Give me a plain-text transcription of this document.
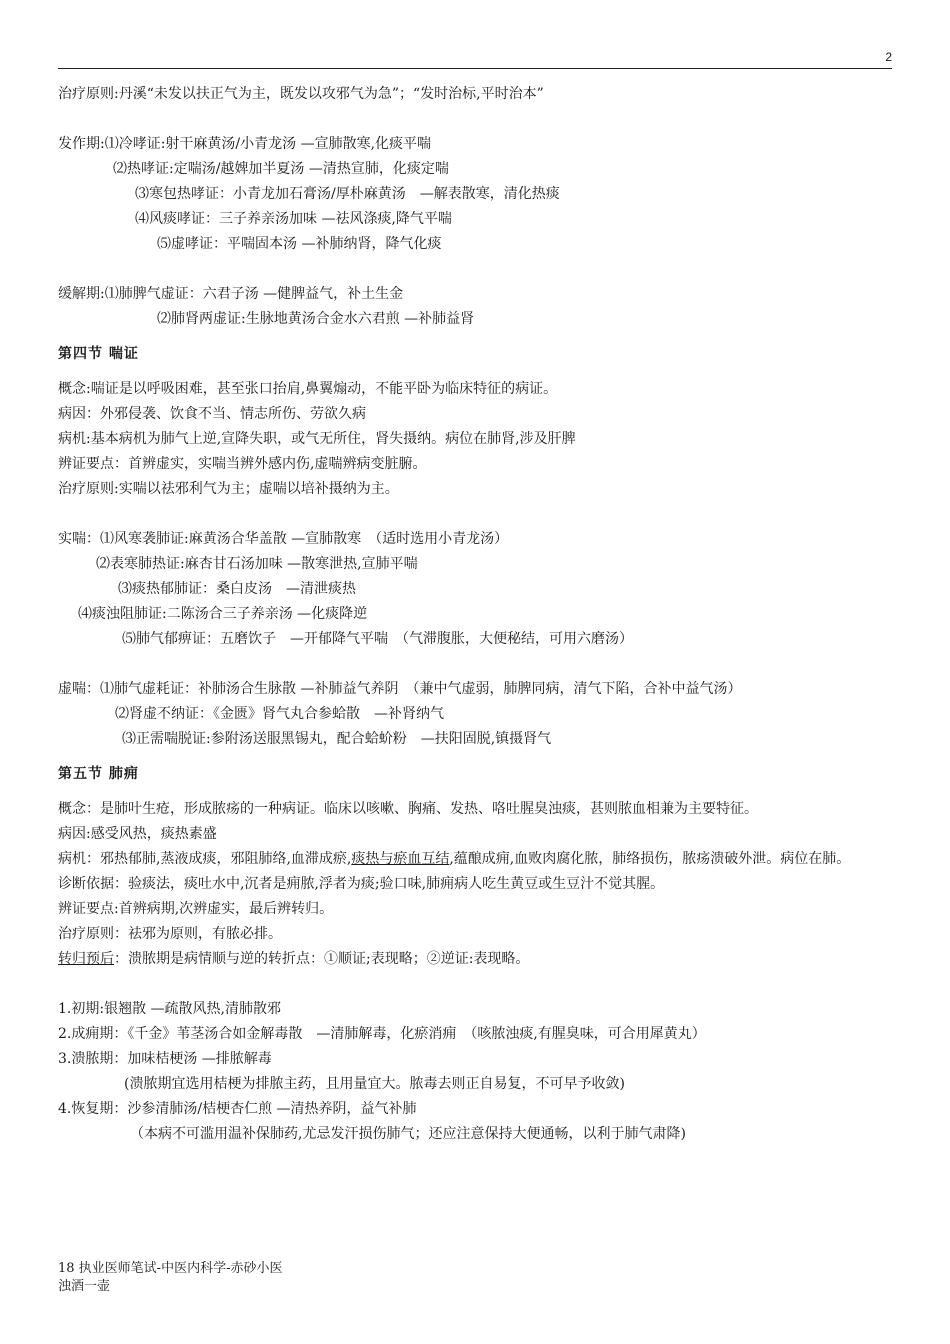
2
治疗原则:丹溪“未发以扶正气为主，既发以攻邪气为急”；“发时治标,平时治本”
发作期:⑴冷哮证:射干麻黄汤/小青龙汤 —宣肺散寒,化痰平喘
⑵热哮证:定喘汤/越婢加半夏汤 —清热宣肺，化痰定喘
⑶寒包热哮证：小青龙加石膏汤/厚朴麻黄汤　—解表散寒，清化热痰
⑷风痰哮证：三子养亲汤加味 —祛风涤痰,降气平喘
⑸虚哮证：平喘固本汤 —补肺纳肾，降气化痰
缓解期:⑴肺脾气虚证：六君子汤 —健脾益气，补土生金
⑵肺肾两虚证:生脉地黄汤合金水六君煎 —补肺益肾
第四节 喘证
概念:喘证是以呼吸困难，甚至张口抬肩,鼻翼煽动，不能平卧为临床特征的病证。
病因：外邪侵袭、饮食不当、情志所伤、劳欲久病
病机:基本病机为肺气上逆,宣降失职，或气无所住，肾失摄纳。病位在肺肾,涉及肝脾
辨证要点：首辨虚实，实喘当辨外感内伤,虚喘辨病变脏腑。
治疗原则:实喘以祛邪利气为主；虚喘以培补摄纳为主。
实喘：⑴风寒袭肺证:麻黄汤合华盖散 —宣肺散寒　（适时选用小青龙汤）
⑵表寒肺热证:麻杏甘石汤加味 —散寒泄热,宣肺平喘
⑶痰热郁肺证：桑白皮汤　—清泄痰热
⑷痰浊阻肺证:二陈汤合三子养亲汤 —化痰降逆
⑸肺气郁痹证：五磨饮子　—开郁降气平喘　（气滞腹胀，大便秘结，可用六磨汤）
虚喘：⑴肺气虚耗证：补肺汤合生脉散 —补肺益气养阴　（兼中气虚弱，肺脾同病，清气下陷，合补中益气汤）
⑵肾虚不纳证：《金匮》肾气丸合参蛤散　—补肾纳气
⑶正需喘脱证:参附汤送服黑锡丸，配合蛤蚧粉　—扶阳固脱,镇摄肾气
第五节 肺痈
概念：是肺叶生疮，形成脓疡的一种病证。临床以咳嗽、胸痛、发热、咯吐腥臭浊痰，甚则脓血相兼为主要特征。
病因:感受风热，痰热素盛
病机：邪热郁肺,蒸液成痰，邪阻肺络,血滞成瘀,痰热与瘀血互结,蕴酿成痈,血败肉腐化脓，肺络损伤，脓疡溃破外泄。病位在肺。
诊断依据：验痰法，痰吐水中,沉者是痈脓,浮者为痰;验口味,肺痈病人吃生黄豆或生豆汁不觉其腥。
辨证要点:首辨病期,次辨虚实，最后辨转归。
治疗原则：祛邪为原则，有脓必排。
转归预后：溃脓期是病情顺与逆的转折点：①顺证;表现略；②逆证:表现略。
1.初期:银翘散 —疏散风热,清肺散邪
2.成痈期：《千金》苇茎汤合如金解毒散　—清肺解毒，化瘀消痈　（咳脓浊痰,有腥臭味，可合用犀黄丸）
3.溃脓期：加味桔梗汤 —排脓解毒
(溃脓期宜选用桔梗为排脓主药，且用量宜大。脓毒去则正自易复，不可早予收敛)
4.恢复期：沙参清肺汤/桔梗杏仁煎 —清热养阴，益气补肺
（本病不可滥用温补保肺药,尤忌发汗损伤肺气；还应注意保持大便通畅，以利于肺气肃降)
18 执业医师笔试-中医内科学-赤砂小医
浊酒一壶
